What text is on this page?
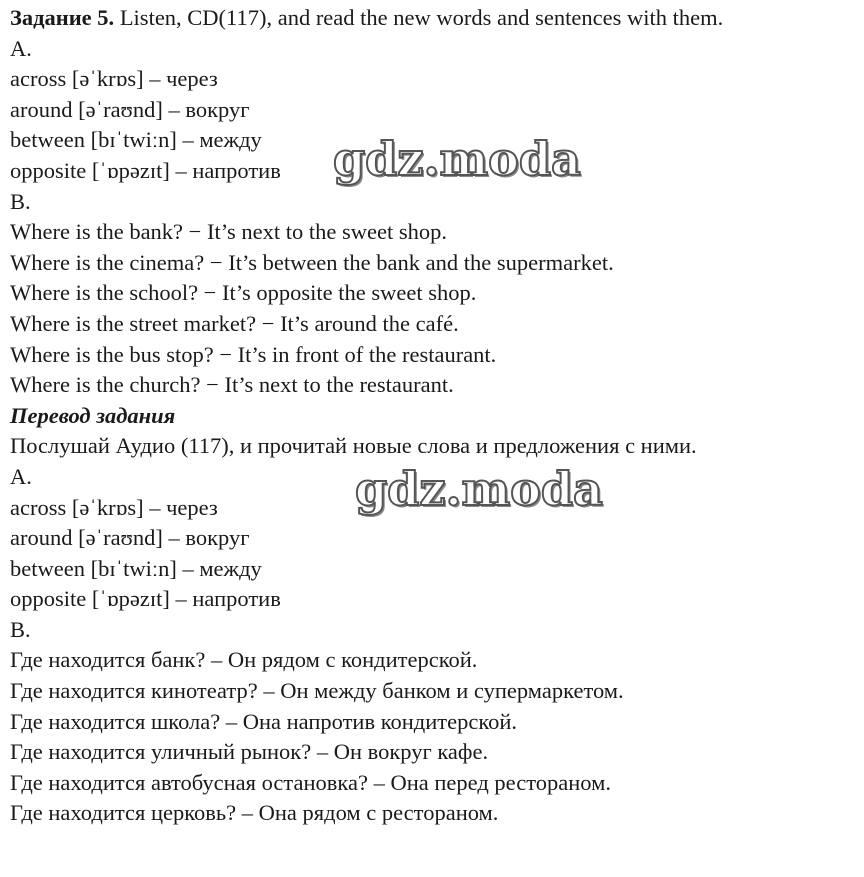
Задание 5. Listen, CD(117), and read the new words and sentences with them.
A.
across [əˈkrɒs] – через
around [əˈraʊnd] – вокруг
between [bɪˈtwiːn] – между
opposite [ˈɒpəzɪt] – напротив
B.
Where is the bank? − It’s next to the sweet shop.
Where is the cinema? − It’s between the bank and the supermarket.
Where is the school? − It’s opposite the sweet shop.
Where is the street market? − It’s around the café.
Where is the bus stop? − It’s in front of the restaurant.
Where is the church? − It’s next to the restaurant.
Перевод задания
Послушай Аудио (117), и прочитай новые слова и предложения с ними.
A.
across [əˈkrɒs] – через
around [əˈraʊnd] – вокруг
between [bɪˈtwiːn] – между
opposite [ˈɒpəzɪt] – напротив
B.
Где находится банк? – Он рядом с кондитерской.
Где находится кинотеатр? – Он между банком и супермаркетом.
Где находится школа? – Она напротив кондитерской.
Где находится уличный рынок? – Он вокруг кафе.
Где находится автобусная остановка? – Она перед рестораном.
Где находится церковь? – Она рядом с рестораном.
gdz.moda
gdz.moda
